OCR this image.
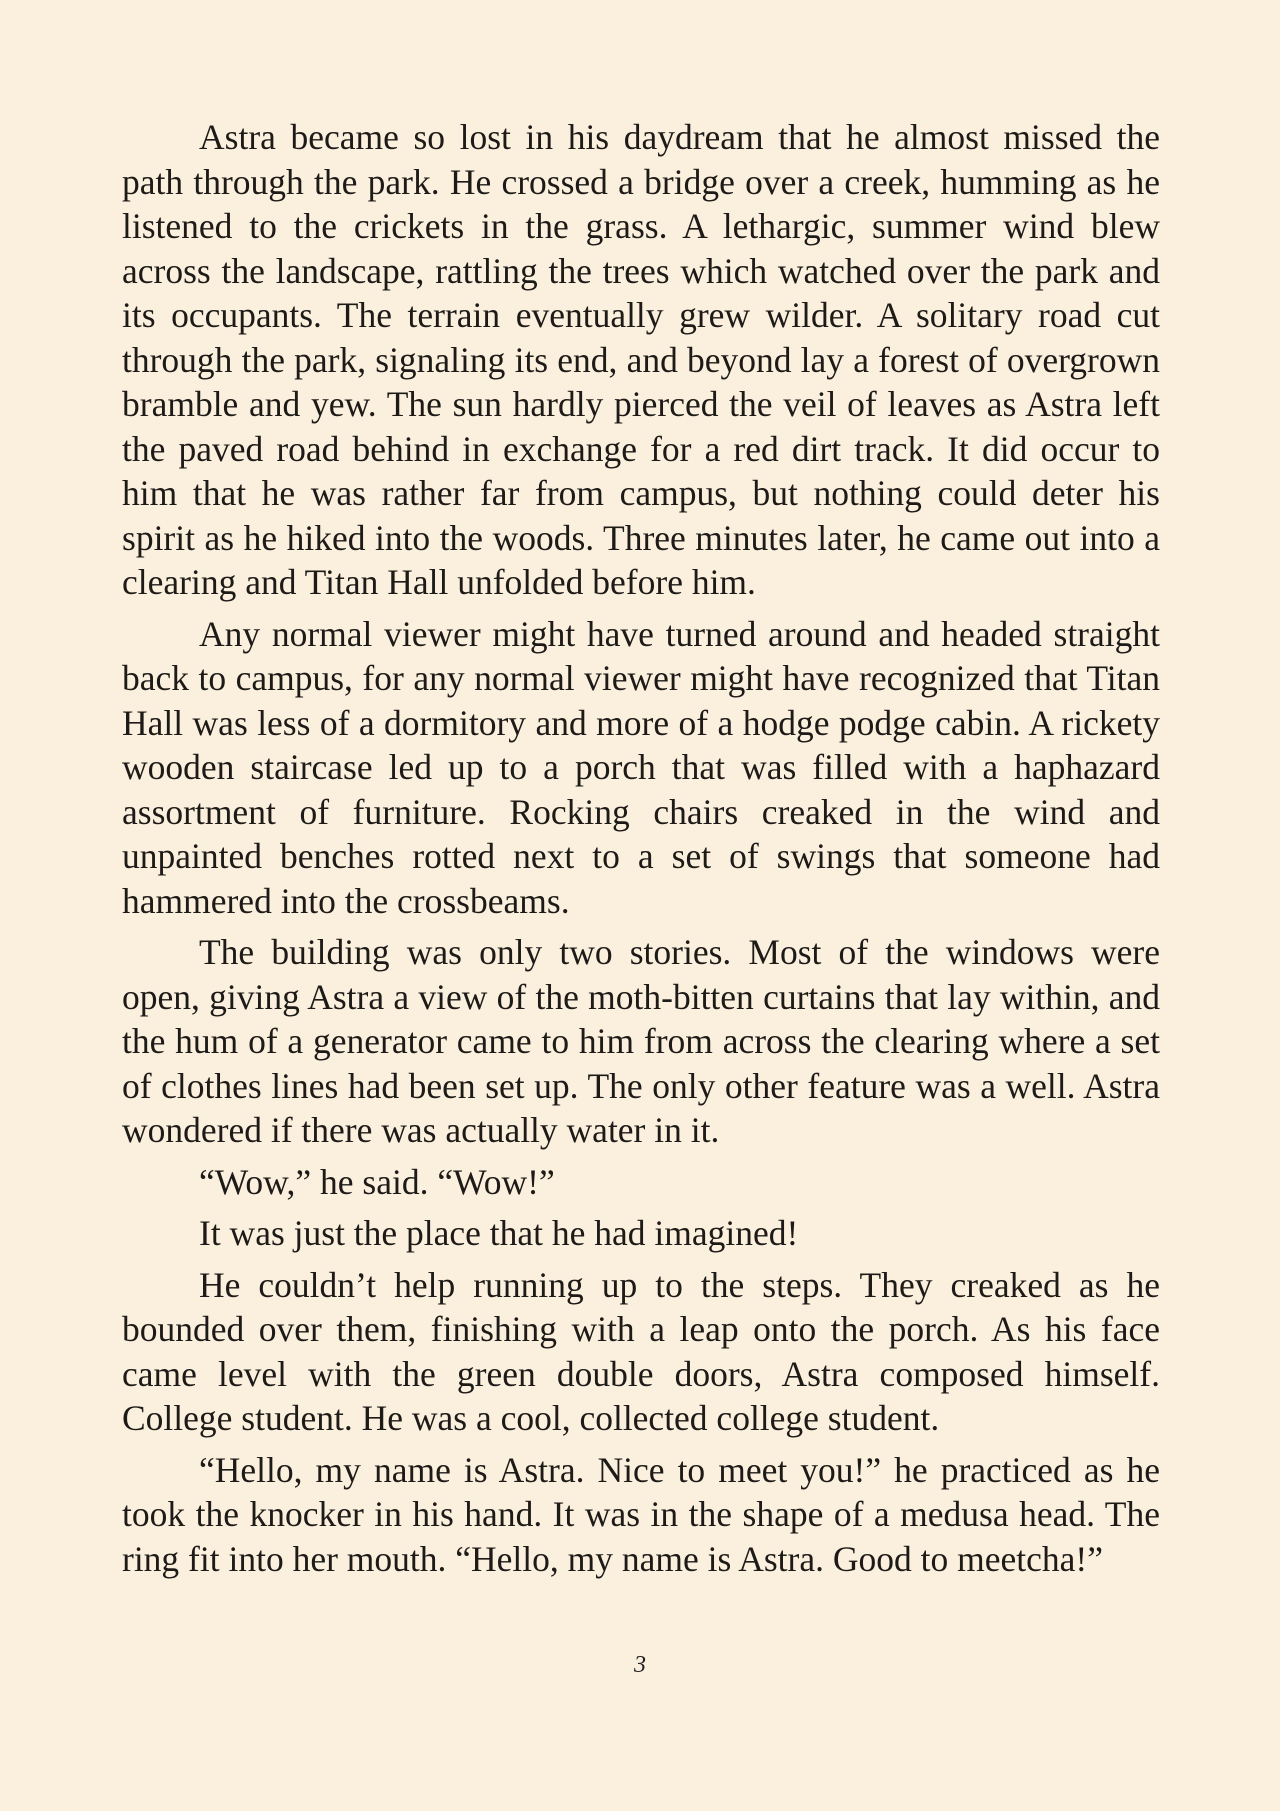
Astra became so lost in his daydream that he almost missed the path through the park. He crossed a bridge over a creek, humming as he listened to the crickets in the grass. A lethargic, summer wind blew across the landscape, rattling the trees which watched over the park and its occupants. The terrain eventually grew wilder. A solitary road cut through the park, signaling its end, and beyond lay a forest of overgrown bramble and yew. The sun hardly pierced the veil of leaves as Astra left the paved road behind in exchange for a red dirt track. It did occur to him that he was rather far from campus, but nothing could deter his spirit as he hiked into the woods. Three minutes later, he came out into a clearing and Titan Hall unfolded before him.

Any normal viewer might have turned around and headed straight back to campus, for any normal viewer might have recognized that Titan Hall was less of a dormitory and more of a hodge podge cabin. A rickety wooden staircase led up to a porch that was filled with a haphazard assortment of furniture. Rocking chairs creaked in the wind and unpainted benches rotted next to a set of swings that someone had hammered into the crossbeams.

The building was only two stories. Most of the windows were open, giving Astra a view of the moth-bitten curtains that lay within, and the hum of a generator came to him from across the clearing where a set of clothes lines had been set up. The only other feature was a well. Astra wondered if there was actually water in it.

“Wow,” he said. “Wow!”

It was just the place that he had imagined!

He couldn’t help running up to the steps. They creaked as he bounded over them, finishing with a leap onto the porch. As his face came level with the green double doors, Astra composed himself. College student. He was a cool, collected college student.

“Hello, my name is Astra. Nice to meet you!” he practiced as he took the knocker in his hand. It was in the shape of a medusa head. The ring fit into her mouth. “Hello, my name is Astra. Good to meetcha!”

3
